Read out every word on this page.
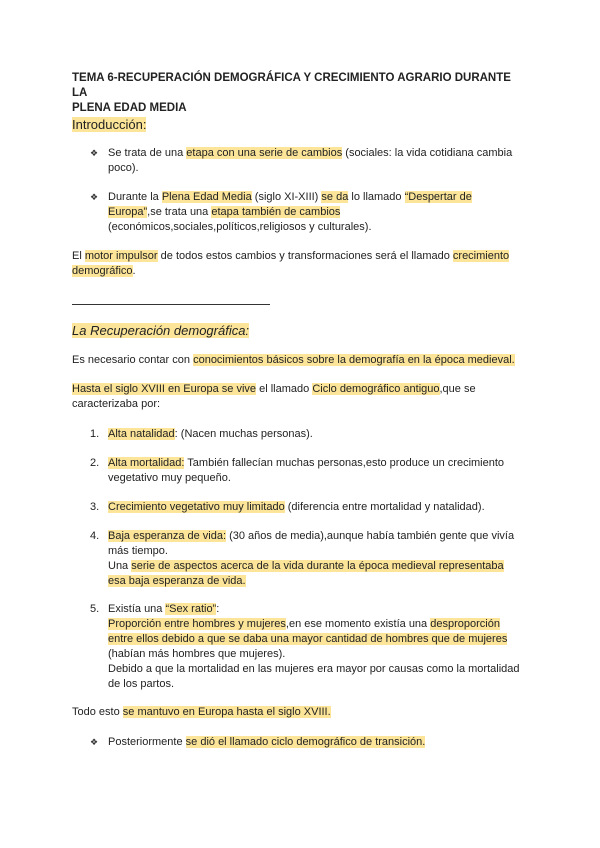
TEMA 6-RECUPERACIÓN DEMOGRÁFICA Y CRECIMIENTO AGRARIO DURANTE LA
PLENA EDAD MEDIA
Introducción:
❖ Se trata de una etapa con una serie de cambios (sociales: la vida cotidiana cambia
poco).
❖ Durante la Plena Edad Media (siglo XI-XIII) se da lo llamado “Despertar de
Europa”,se trata una etapa también de cambios
(económicos,sociales,políticos,religiosos y culturales).
El motor impulsor de todos estos cambios y transformaciones será el llamado crecimiento
demográfico.
La Recuperación demográfica:
Es necesario contar con conocimientos básicos sobre la demografía en la época medieval.
Hasta el siglo XVIII en Europa se vive el llamado Ciclo demográfico antiguo,que se
caracterizaba por:
1. Alta natalidad: (Nacen muchas personas).
2. Alta mortalidad: También fallecían muchas personas,esto produce un crecimiento
vegetativo muy pequeño.
3. Crecimiento vegetativo muy limitado (diferencia entre mortalidad y natalidad).
4. Baja esperanza de vida: (30 años de media),aunque había también gente que vivía
más tiempo.
Una serie de aspectos acerca de la vida durante la época medieval representaba
esa baja esperanza de vida.
5. Existía una “Sex ratio”:
Proporción entre hombres y mujeres,en ese momento existía una desproporción
entre ellos debido a que se daba una mayor cantidad de hombres que de mujeres
(habían más hombres que mujeres).
Debido a que la mortalidad en las mujeres era mayor por causas como la mortalidad
de los partos.
Todo esto se mantuvo en Europa hasta el siglo XVIII.
❖ Posteriormente se dió el llamado ciclo demográfico de transición.
